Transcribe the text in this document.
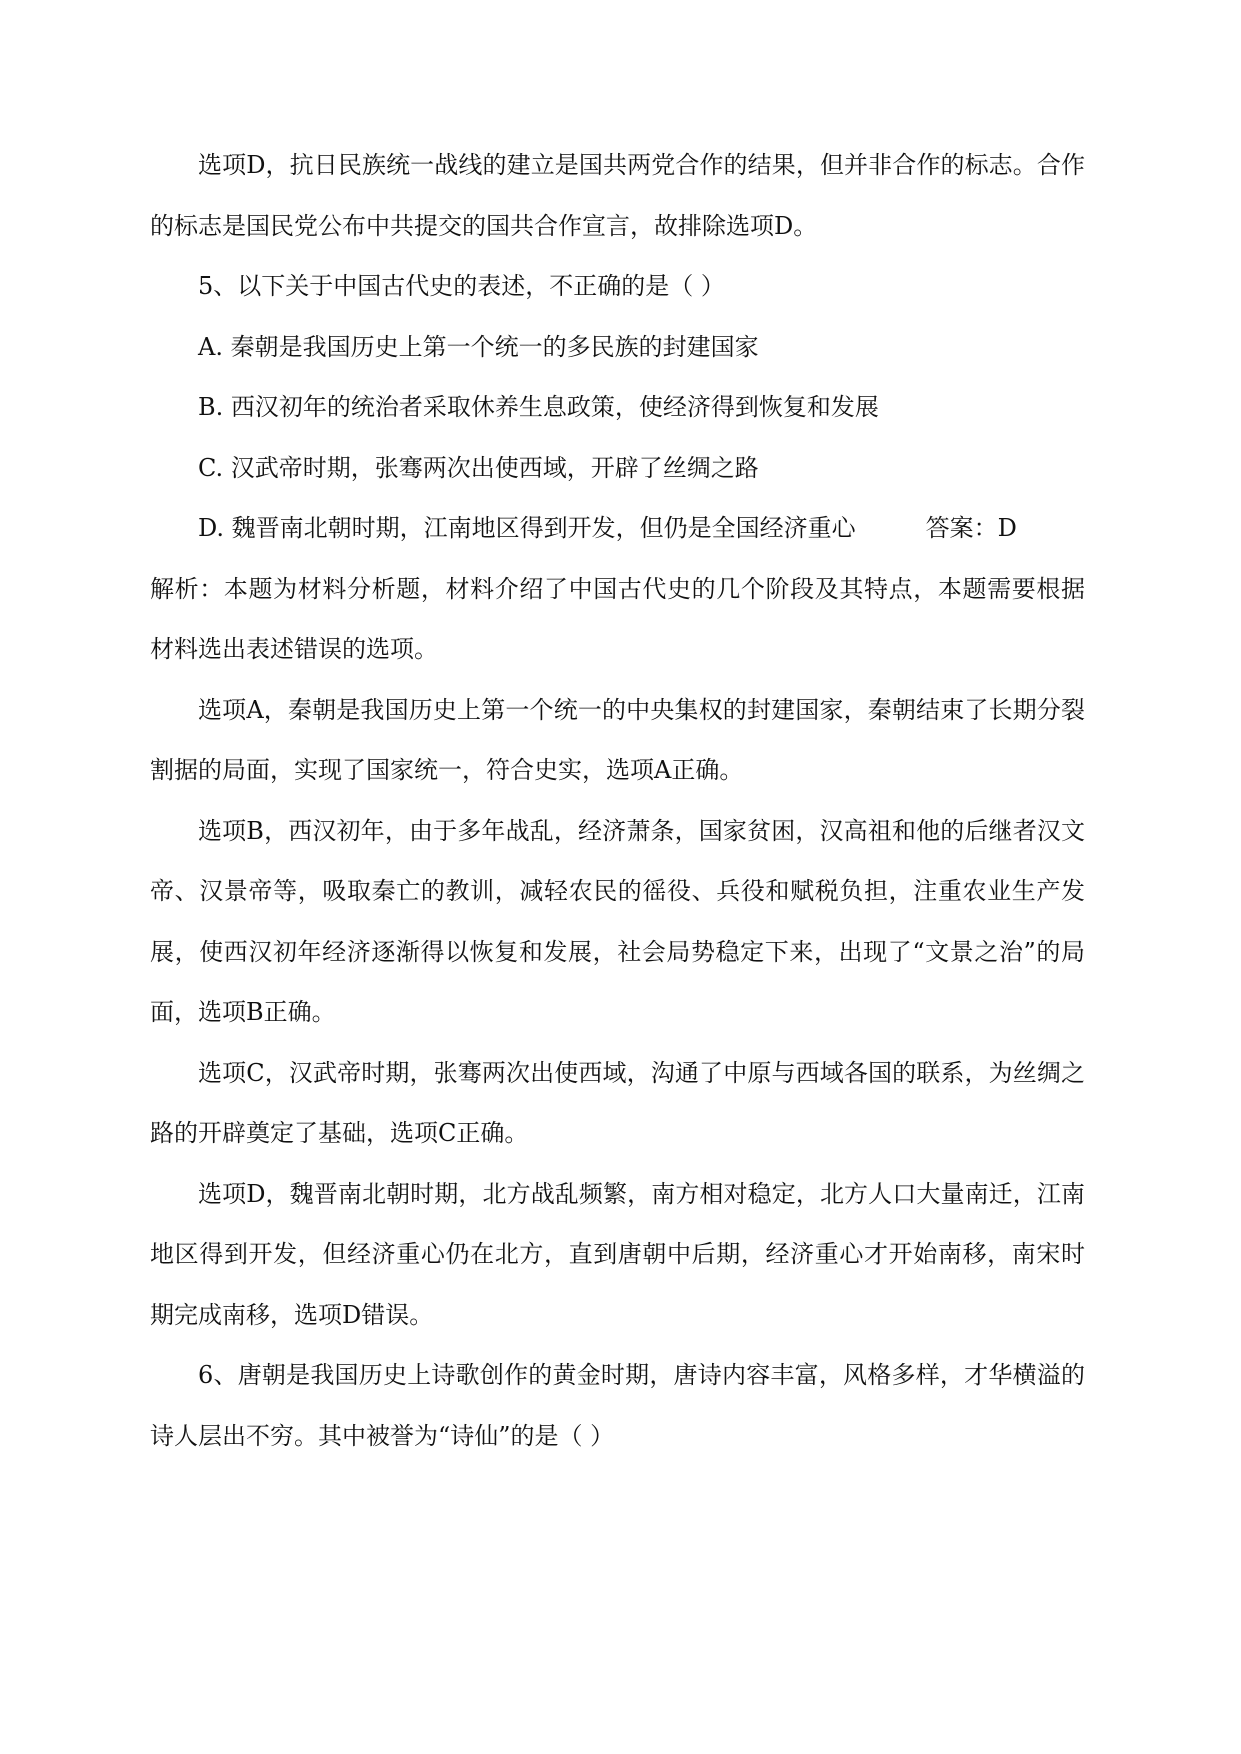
选项D，抗日民族统一战线的建立是国共两党合作的结果，但并非合作的标志。合作的标志是国民党公布中共提交的国共合作宣言，故排除选项D。

5、以下关于中国古代史的表述，不正确的是（ ）

A. 秦朝是我国历史上第一个统一的多民族的封建国家

B. 西汉初年的统治者采取休养生息政策，使经济得到恢复和发展

C. 汉武帝时期，张骞两次出使西域，开辟了丝绸之路

D. 魏晋南北朝时期，江南地区得到开发，但仍是全国经济重心	答案：D

解析：本题为材料分析题，材料介绍了中国古代史的几个阶段及其特点，本题需要根据材料选出表述错误的选项。

选项A，秦朝是我国历史上第一个统一的中央集权的封建国家，秦朝结束了长期分裂割据的局面，实现了国家统一，符合史实，选项A正确。

选项B，西汉初年，由于多年战乱，经济萧条，国家贫困，汉高祖和他的后继者汉文帝、汉景帝等，吸取秦亡的教训，减轻农民的徭役、兵役和赋税负担，注重农业生产发展，使西汉初年经济逐渐得以恢复和发展，社会局势稳定下来，出现了“文景之治”的局面，选项B正确。

选项C，汉武帝时期，张骞两次出使西域，沟通了中原与西域各国的联系，为丝绸之路的开辟奠定了基础，选项C正确。

选项D，魏晋南北朝时期，北方战乱频繁，南方相对稳定，北方人口大量南迁，江南地区得到开发，但经济重心仍在北方，直到唐朝中后期，经济重心才开始南移，南宋时期完成南移，选项D错误。

6、唐朝是我国历史上诗歌创作的黄金时期，唐诗内容丰富，风格多样，才华横溢的诗人层出不穷。其中被誉为“诗仙”的是（ ）
